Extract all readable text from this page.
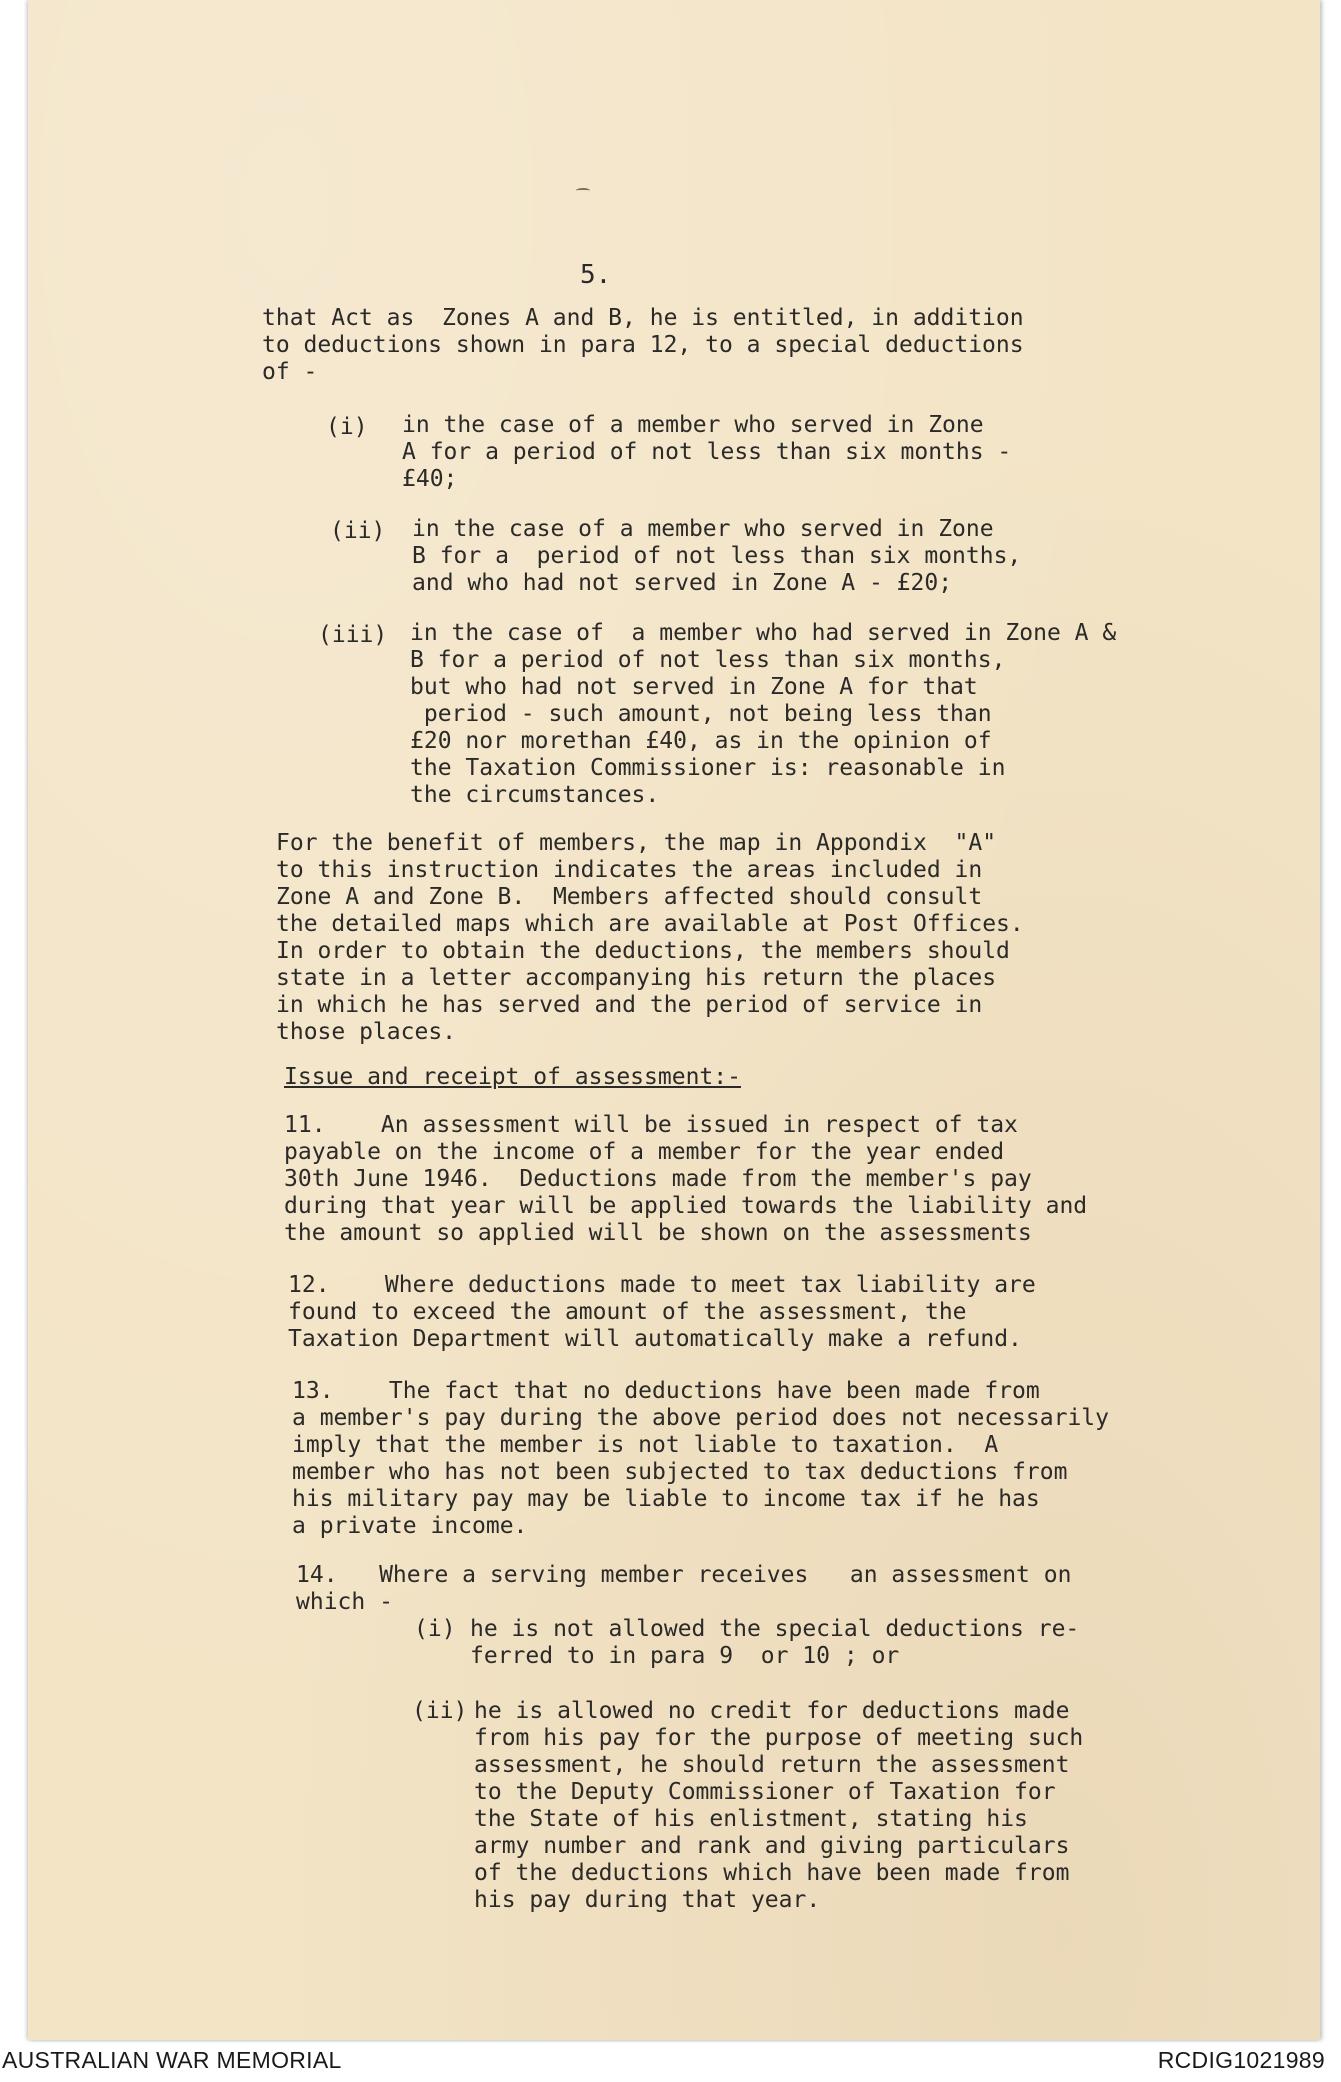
5.
that Act as  Zones A and B, he is entitled, in addition
to deductions shown in para 12, to a special deductions
of -
(i) in the case of a member who served in Zone
A for a period of not less than six months -
£40;
(ii) in the case of a member who served in Zone
B for a  period of not less than six months,
and who had not served in Zone A - £20;
(iii) in the case of  a member who had served in Zone A &
B for a period of not less than six months,
but who had not served in Zone A for that
period - such amount, not being less than
£20 nor morethan £40, as in the opinion of
the Taxation Commissioner is: reasonable in
the circumstances.
For the benefit of members, the map in Appondix  "A"
to this instruction indicates the areas included in
Zone A and Zone B.  Members affected should consult
the detailed maps which are available at Post Offices.
In order to obtain the deductions, the members should
state in a letter accompanying his return the places
in which he has served and the period of service in
those places.
Issue and receipt of assessment:-
11.    An assessment will be issued in respect of tax
payable on the income of a member for the year ended
30th June 1946.  Deductions made from the member's pay
during that year will be applied towards the liability and
the amount so applied will be shown on the assessments
12.    Where deductions made to meet tax liability are
found to exceed the amount of the assessment, the
Taxation Department will automatically make a refund.
13.    The fact that no deductions have been made from
a member's pay during the above period does not necessarily
imply that the member is not liable to taxation.  A
member who has not been subjected to tax deductions from
his military pay may be liable to income tax if he has
a private income.
14.   Where a serving member receives   an assessment on
which -
(i) he is not allowed the special deductions re-
ferred to in para 9  or 10 ; or
(ii) he is allowed no credit for deductions made
from his pay for the purpose of meeting such
assessment, he should return the assessment
to the Deputy Commissioner of Taxation for
the State of his enlistment, stating his
army number and rank and giving particulars
of the deductions which have been made from
his pay during that year.
AUSTRALIAN WAR MEMORIAL	RCDIG1021989
